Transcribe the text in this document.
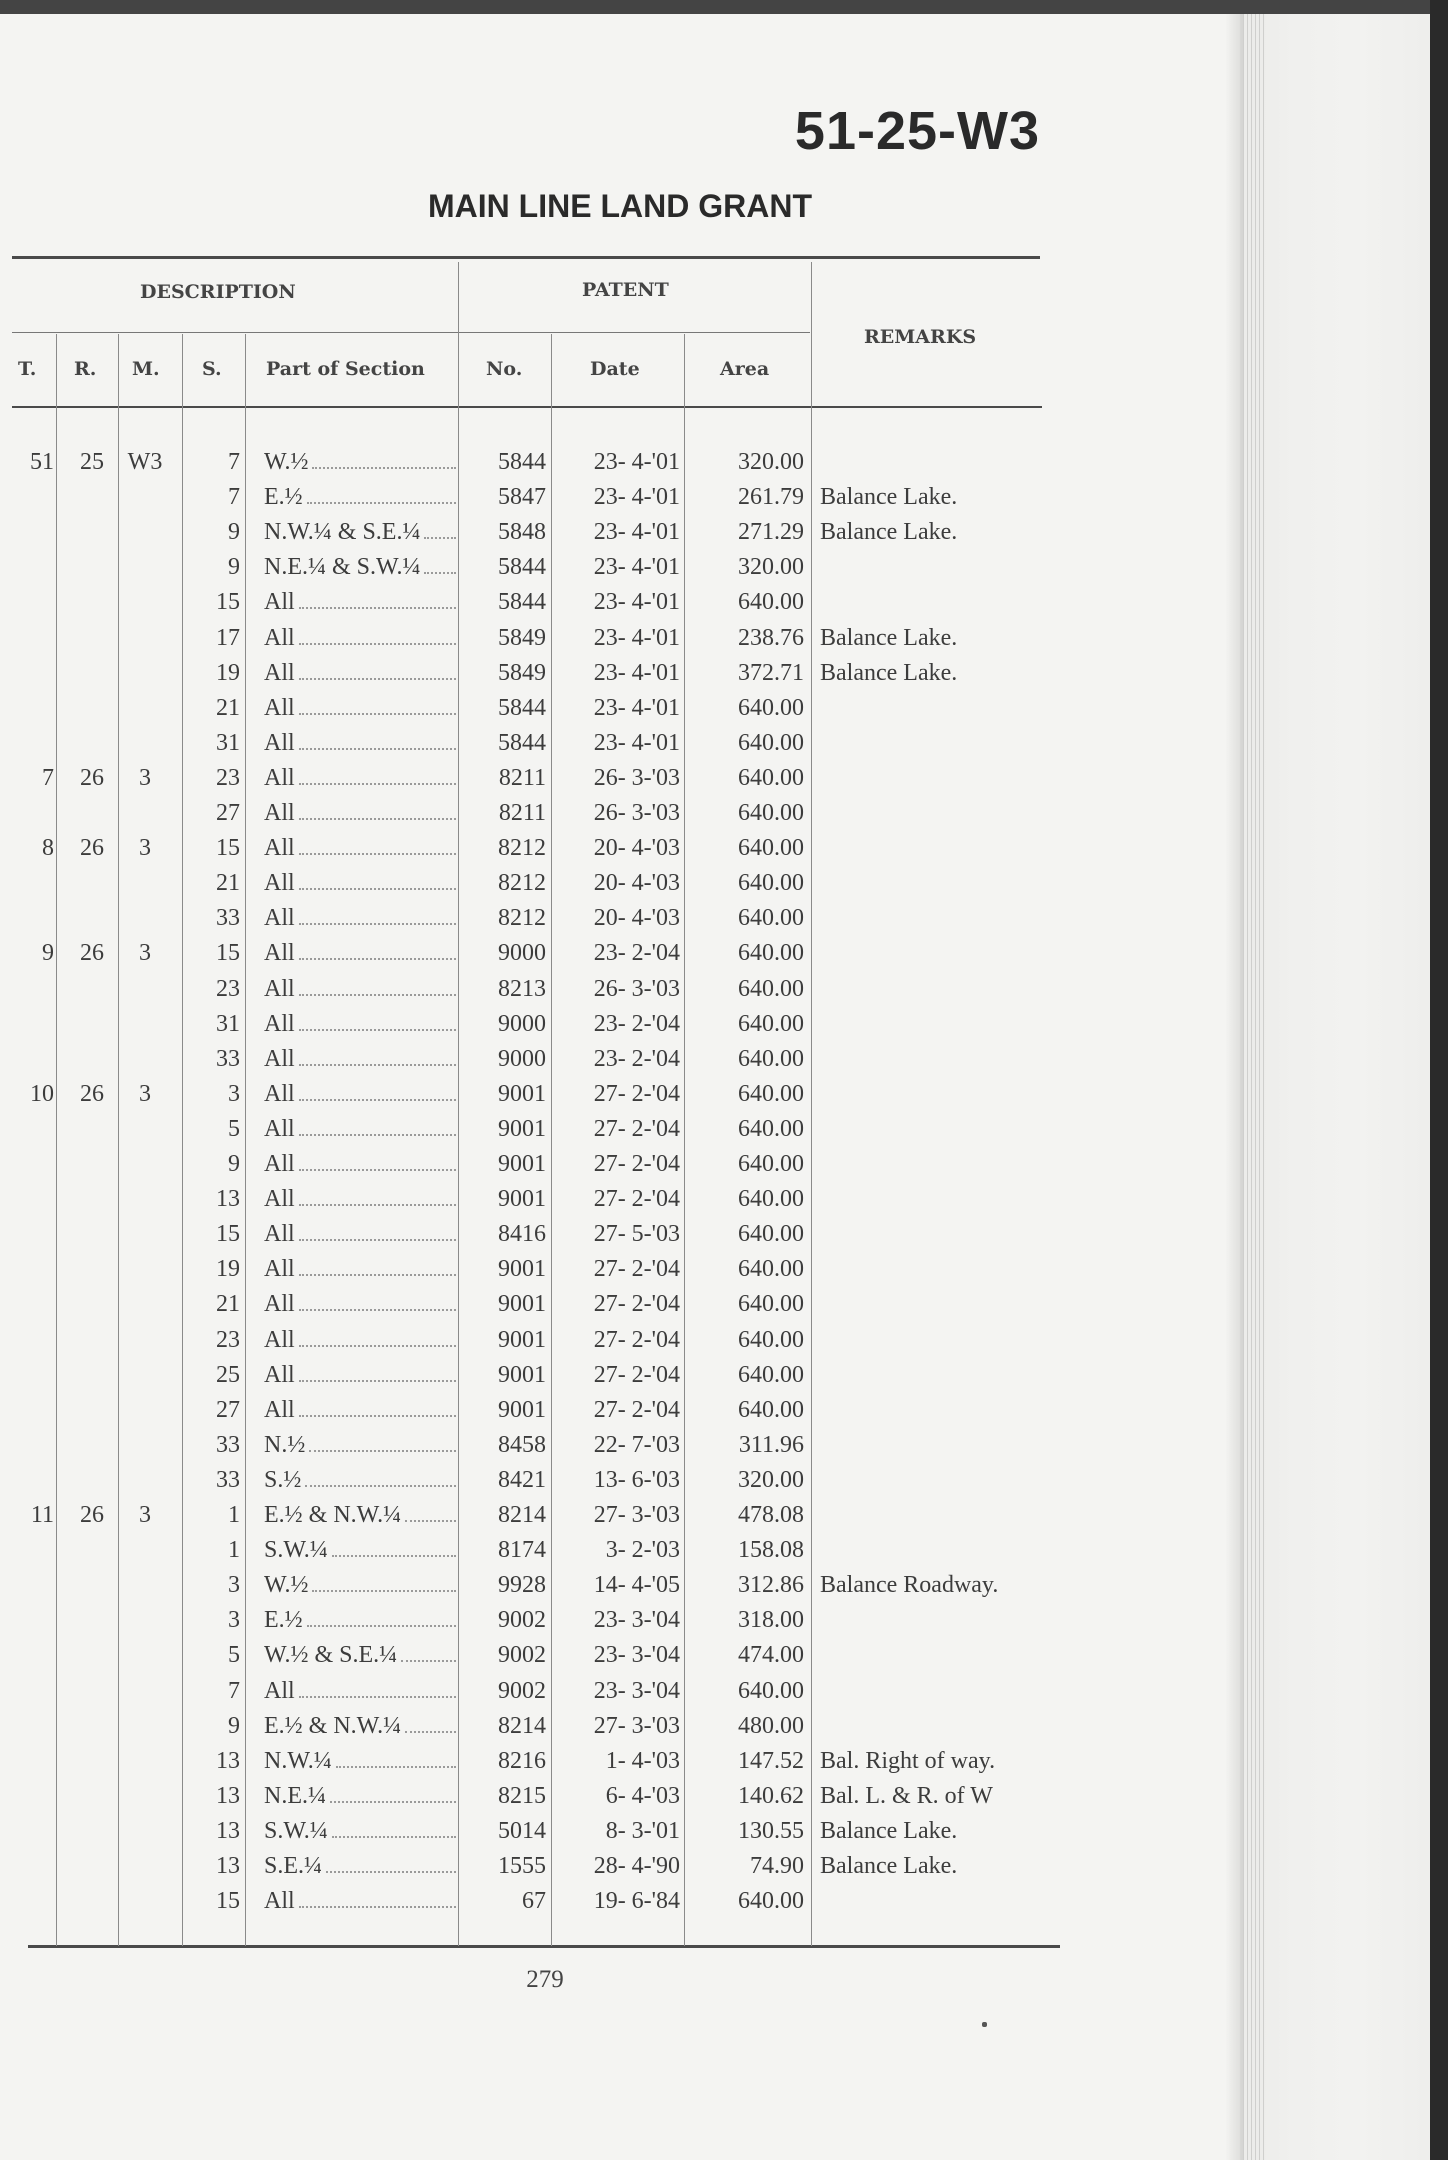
51-25-W3
MAIN LINE LAND GRANT
DESCRIPTION	PATENT
REMARKS
T. R. M. S. Part of Section	No.	Date	Area
51	25 W3	7 W.½	5844	23- 4-'01	320.00
7 E.½	5847	23- 4-'01	261.79 Balance Lake.
9 N.W.¼ & S.E.¼	5848	23- 4-'01	271.29 Balance Lake.
9 N.E.¼ & S.W.¼	5844	23- 4-'01	320.00
15 All	5844	23- 4-'01	640.00
17 All	5849	23- 4-'01	238.76 Balance Lake.
19 All	5849	23- 4-'01	372.71 Balance Lake.
21 All	5844	23- 4-'01	640.00
31 All	5844	23- 4-'01	640.00
7	26	3	23 All	8211	26- 3-'03	640.00
27 All	8211	26- 3-'03	640.00
8	26	3	15 All	8212	20- 4-'03	640.00
21 All	8212	20- 4-'03	640.00
33 All	8212	20- 4-'03	640.00
9	26	3	15 All	9000	23- 2-'04	640.00
23 All	8213	26- 3-'03	640.00
31 All	9000	23- 2-'04	640.00
33 All	9000	23- 2-'04	640.00
10	26	3	3 All	9001	27- 2-'04	640.00
5 All	9001	27- 2-'04	640.00
9 All	9001	27- 2-'04	640.00
13 All	9001	27- 2-'04	640.00
15 All	8416	27- 5-'03	640.00
19 All	9001	27- 2-'04	640.00
21 All	9001	27- 2-'04	640.00
23 All	9001	27- 2-'04	640.00
25 All	9001	27- 2-'04	640.00
27 All	9001	27- 2-'04	640.00
33 N.½	8458	22- 7-'03	311.96
33 S.½	8421	13- 6-'03	320.00
11	26	3	1 E.½ & N.W.¼	8214	27- 3-'03	478.08
1 S.W.¼	8174	3- 2-'03	158.08
3 W.½	9928	14- 4-'05	312.86 Balance Roadway.
3 E.½	9002	23- 3-'04	318.00
5 W.½ & S.E.¼	9002	23- 3-'04	474.00
7 All	9002	23- 3-'04	640.00
9 E.½ & N.W.¼	8214	27- 3-'03	480.00
13 N.W.¼	8216	1- 4-'03	147.52 Bal. Right of way.
13 N.E.¼	8215	6- 4-'03	140.62 Bal. L. & R. of W
13 S.W.¼	5014	8- 3-'01	130.55 Balance Lake.
13 S.E.¼	1555	28- 4-'90	74.90 Balance Lake.
15 All	67	19- 6-'84	640.00
279
